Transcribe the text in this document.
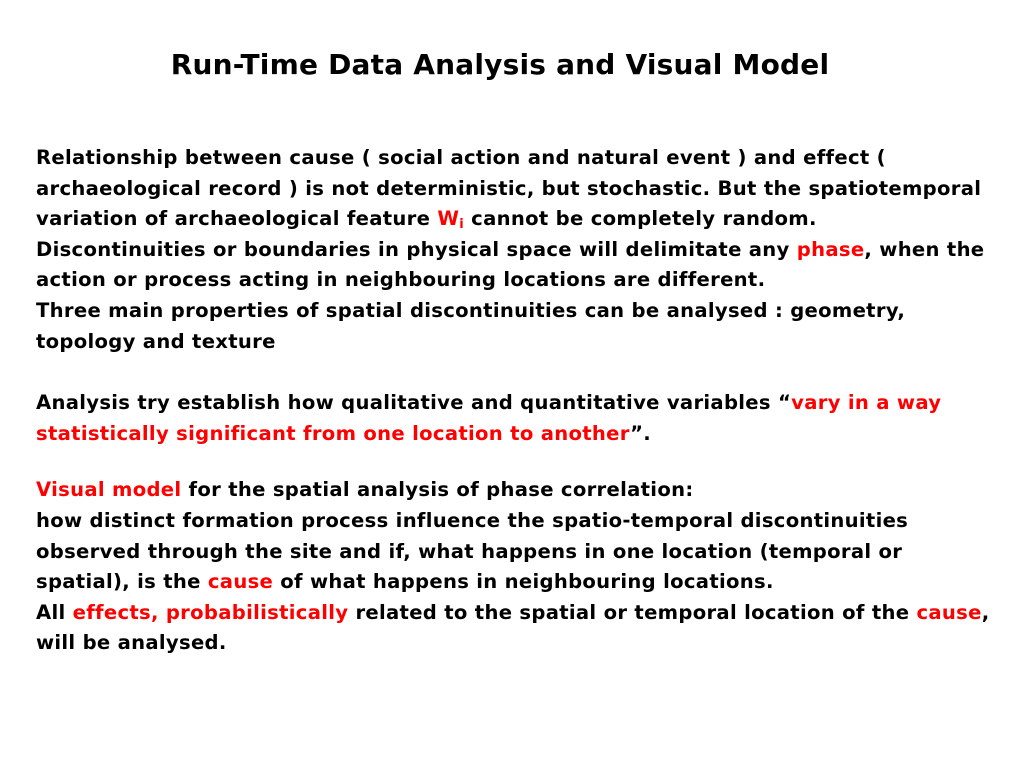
Run-Time Data Analysis and Visual Model

Relationship between cause ( social action and natural event ) and effect ( archaeological record ) is not deterministic, but stochastic. But the spatiotemporal variation of archaeological feature $W_i$ cannot be completely random.

Discontinuities or boundaries in physical space will delimitate any phase, when the action or process acting in neighbouring locations are different.

Three main properties of spatial discontinuities can be analysed : geometry, topology and texture

Analysis try establish how qualitative and quantitative variables “vary in a way statistically significant from one location to another”.

Visual model for the spatial analysis of phase correlation:

how distinct formation process influence the spatio-temporal discontinuities observed through the site and if, what happens in one location (temporal or spatial), is the cause of what happens in neighbouring locations.

All effects, probabilistically related to the spatial or temporal location of the cause, will be analysed.
